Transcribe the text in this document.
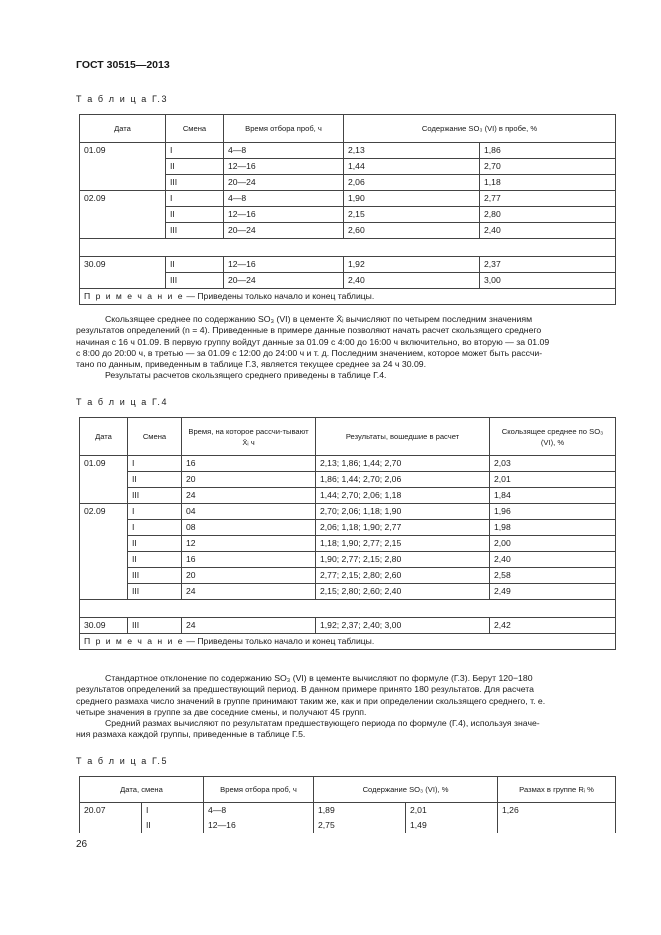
ГОСТ 30515—2013
Т а б л и ц а Г.3
Дата	Смена	Время отбора проб, ч	Содержание SO₃ (VI) в пробе, %	
01.09	I	4—8	2,13	1,86
	II	12—16	1,44	2,70
	III	20—24	2,06	1,18
02.09	I	4—8	1,90	2,77
	II	12—16	2,15	2,80
	III	20—24	2,60	2,40

30.09	II	12—16	1,92	2,37
	III	20—24	2,40	3,00
П р и м е ч а н и е — Приведены только начало и конец таблицы.				

Скользящее среднее по содержанию SO₃ (VI) в цементе X̄ᵢ вычисляют по четырем последним значениям

результатов определений (n = 4). Приведенные в примере данные позволяют начать расчет скользящего среднего
начиная с 16 ч 01.09. В первую группу войдут данные за 01.09 с 4:00 до 16:00 ч включительно, во вторую — за 01.09
с 8:00 до 20:00 ч, в третью — за 01.09 с 12:00 до 24:00 ч и т. д. Последним значением, которое может быть рассчи-
тано по данным, приведенным в таблице Г.3, является текущее среднее за 24 ч 30.09.

Результаты расчетов скользящего среднего приведены в таблице Г.4.

Т а б л и ц а Г.4
Дата	Смена	Время, на которое рассчи-тывают X̄ᵢ ч	Результаты, вошедшие в расчет	Скользящее среднее по SO₃ (VI), %
01.09	I	16	2,13; 1,86; 1,44; 2,70	2,03
	II	20	1,86; 1,44; 2,70; 2,06	2,01
	III	24	1,44; 2,70; 2,06; 1,18	1,84
02.09	I	04	2,70; 2,06; 1,18; 1,90	1,96
	I	08	2,06; 1,18; 1,90; 2,77	1,98
	II	12	1,18; 1,90; 2,77; 2,15	2,00
	II	16	1,90; 2,77; 2,15; 2,80	2,40
	III	20	2,77; 2,15; 2,80; 2,60	2,58
	III	24	2,15; 2,80; 2,60; 2,40	2,49

30.09	III	24	1,92; 2,37; 2,40; 3,00	2,42
П р и м е ч а н и е — Приведены только начало и конец таблицы.				

Стандартное отклонение по содержанию SO₃ (VI) в цементе вычисляют по формуле (Г.3). Берут 120−180

результатов определений за предшествующий период. В данном примере принято 180 результатов. Для расчета
среднего размаха число значений в группе принимают таким же, как и при определении скользящего среднего, т. е.
четыре значения в группе за две соседние смены, и получают 45 групп.

Средний размах вычисляют по результатам предшествующего периода по формуле (Г.4), используя значе-

ния размаха каждой группы, приведенные в таблице Г.5.
Т а б л и ц а Г.5
Дата, смена		Время отбора проб, ч	Содержание SO₃ (VI), %		Размах в группе Rᵢ %
20.07	I	4—8	1,89	2,01	1,26
	II	12—16	2,75	1,49	
26
